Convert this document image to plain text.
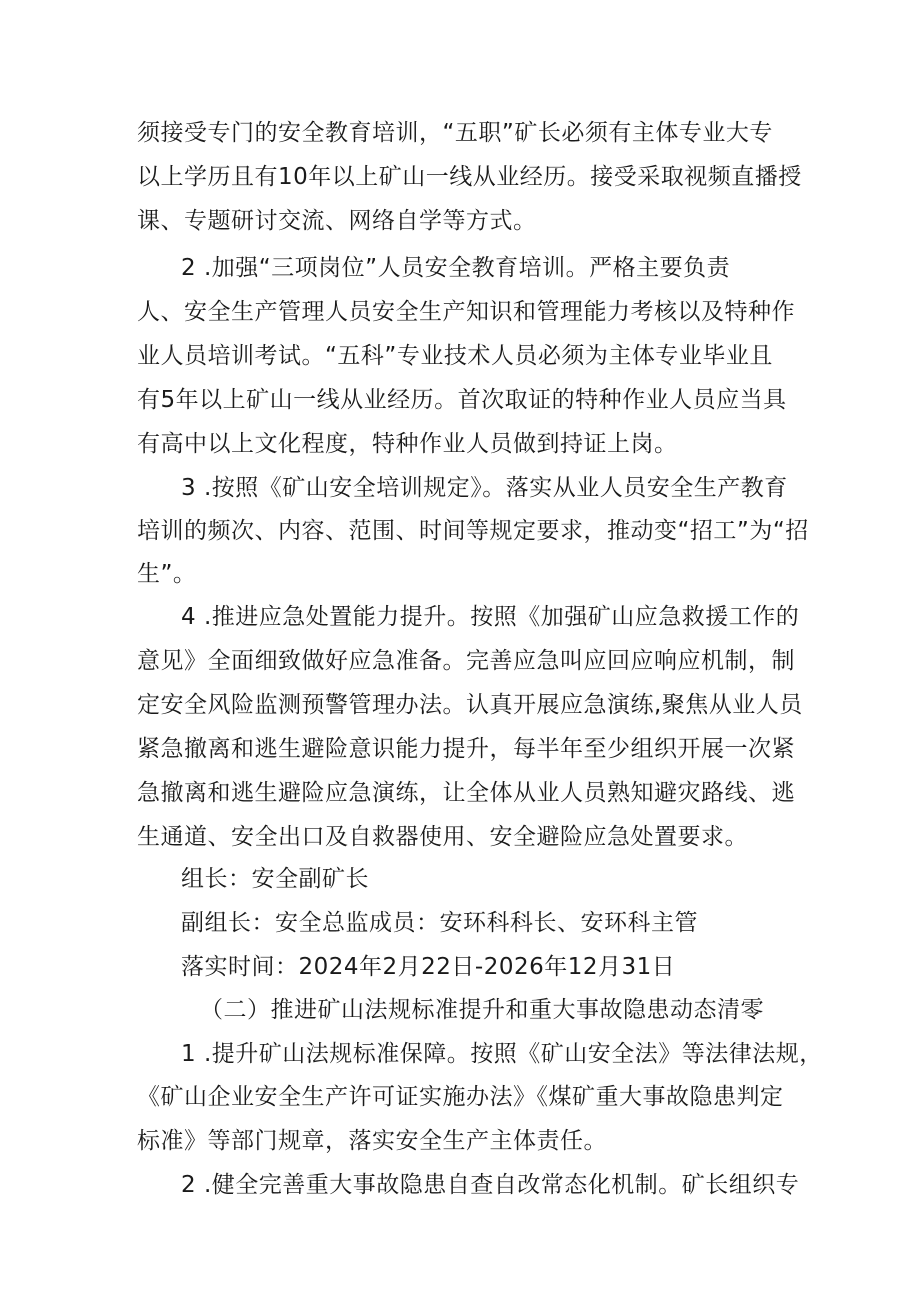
须接受专门的安全教育培训，“五职”矿长必须有主体专业大专
以上学历且有10年以上矿山一线从业经历。接受采取视频直播授
课、专题研讨交流、网络自学等方式。
2 .加强“三项岗位”人员安全教育培训。严格主要负责
人、安全生产管理人员安全生产知识和管理能力考核以及特种作
业人员培训考试。“五科”专业技术人员必须为主体专业毕业且
有5年以上矿山一线从业经历。首次取证的特种作业人员应当具
有高中以上文化程度，特种作业人员做到持证上岗。
3 .按照《矿山安全培训规定》。落实从业人员安全生产教育
培训的频次、内容、范围、时间等规定要求，推动变“招工”为“招
生”。
4 .推进应急处置能力提升。按照《加强矿山应急救援工作的
意见》全面细致做好应急准备。完善应急叫应回应响应机制，制
定安全风险监测预警管理办法。认真开展应急演练,聚焦从业人员
紧急撤离和逃生避险意识能力提升，每半年至少组织开展一次紧
急撤离和逃生避险应急演练，让全体从业人员熟知避灾路线、逃
生通道、安全出口及自救器使用、安全避险应急处置要求。
组长：安全副矿长
副组长：安全总监成员：安环科科长、安环科主管
落实时间：2024年2月22日-2026年12月31日
（二）推进矿山法规标准提升和重大事故隐患动态清零
1 .提升矿山法规标准保障。按照《矿山安全法》等法律法规，
《矿山企业安全生产许可证实施办法》《煤矿重大事故隐患判定
标准》等部门规章，落实安全生产主体责任。
2 .健全完善重大事故隐患自查自改常态化机制。矿长组织专
